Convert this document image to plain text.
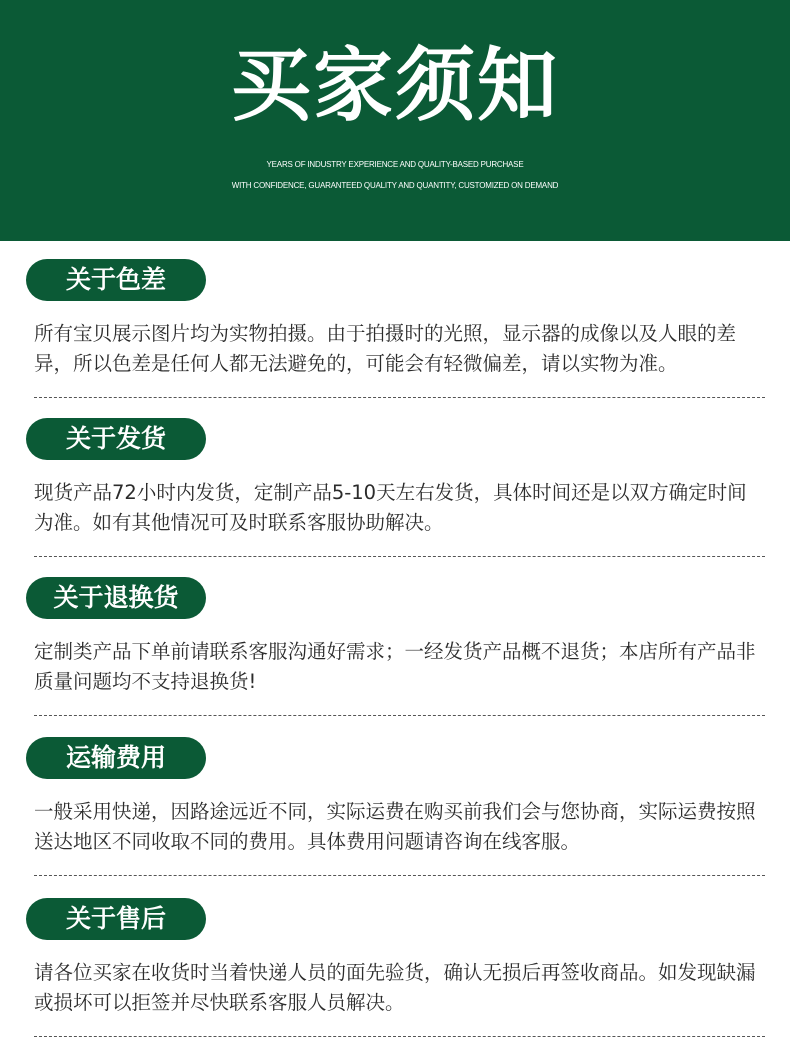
买家须知
YEARS OF INDUSTRY EXPERIENCE AND QUALITY-BASED PURCHASE
WITH CONFIDENCE, GUARANTEED QUALITY AND QUANTITY, CUSTOMIZED ON DEMAND
关于色差
所有宝贝展示图片均为实物拍摄。由于拍摄时的光照，显示器的成像以及人眼的差异，所以色差是任何人都无法避免的，可能会有轻微偏差，请以实物为准。
关于发货
现货产品72小时内发货，定制产品5-10天左右发货，具体时间还是以双方确定时间为准。如有其他情况可及时联系客服协助解决。
关于退换货
定制类产品下单前请联系客服沟通好需求；一经发货产品概不退货；本店所有产品非质量问题均不支持退换货!
运输费用
一般采用快递，因路途远近不同，实际运费在购买前我们会与您协商，实际运费按照送达地区不同收取不同的费用。具体费用问题请咨询在线客服。
关于售后
请各位买家在收货时当着快递人员的面先验货，确认无损后再签收商品。如发现缺漏或损坏可以拒签并尽快联系客服人员解决。
